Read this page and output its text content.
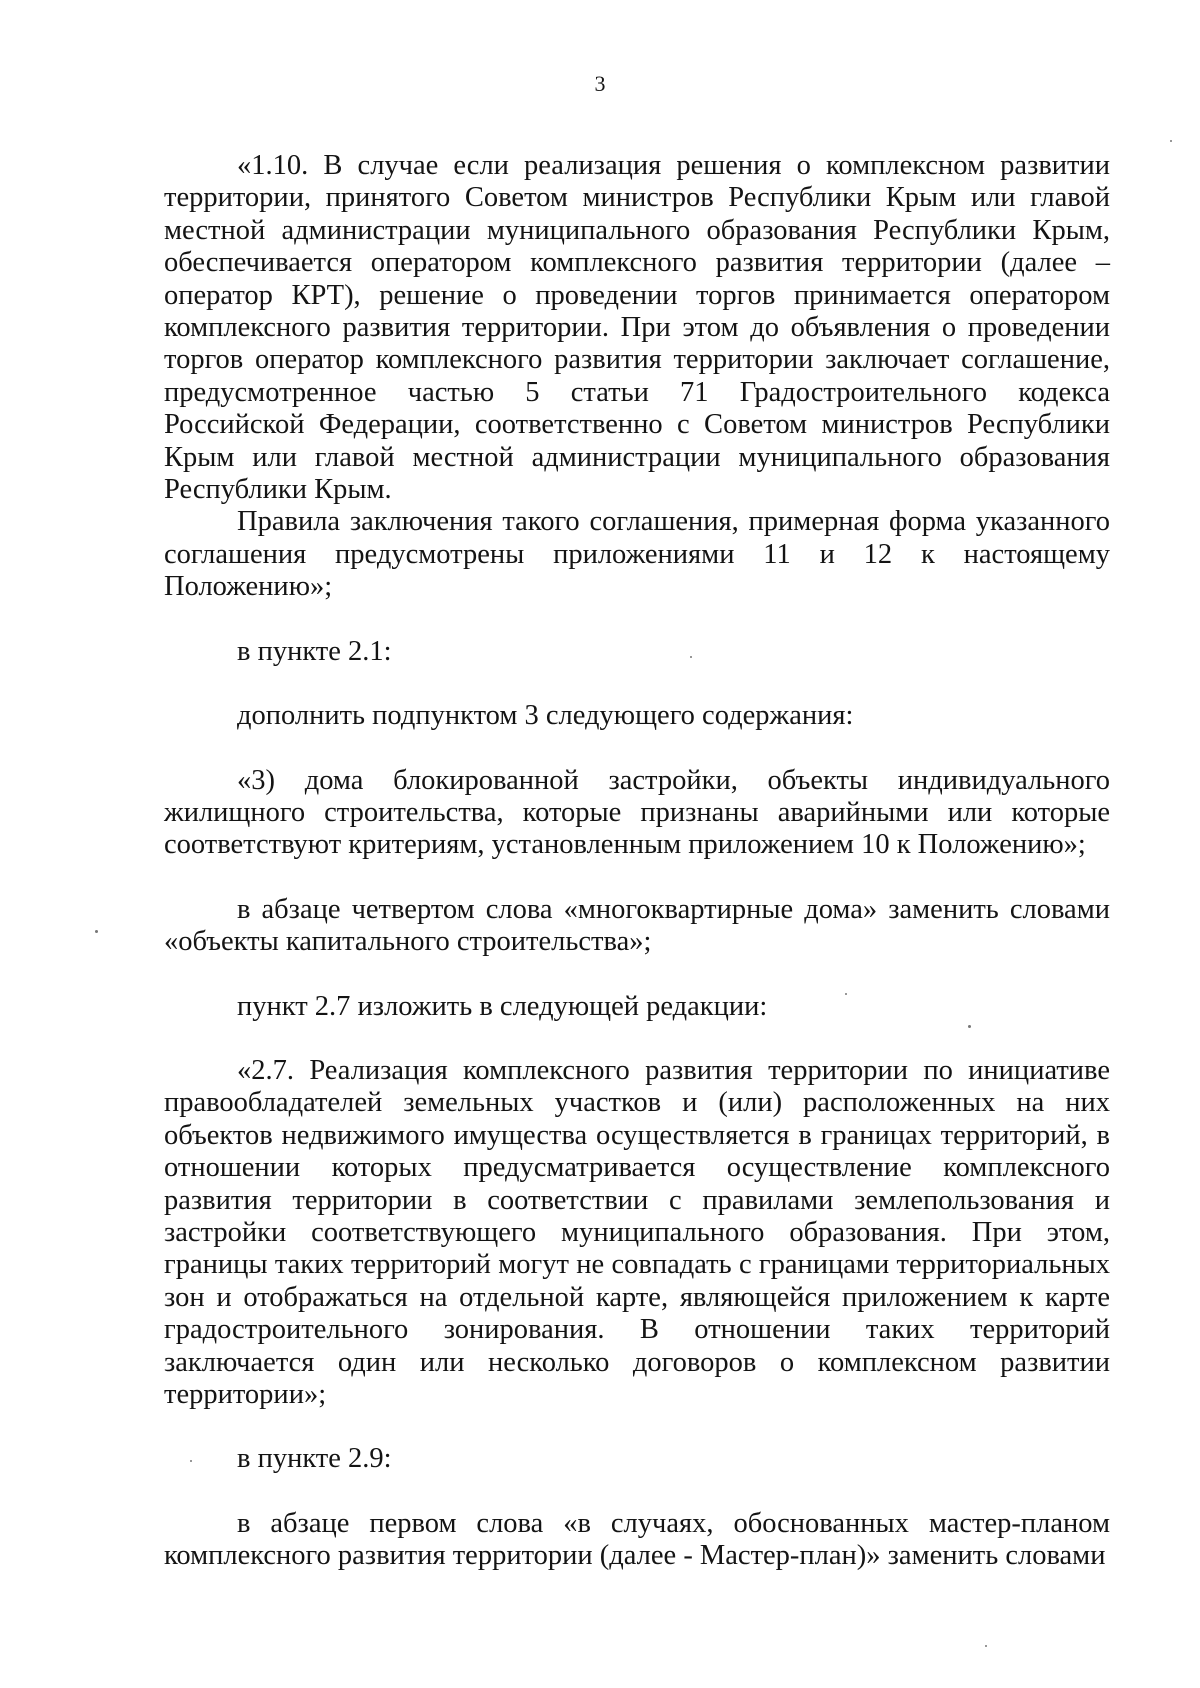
3

«1.10. В случае если реализация решения о комплексном развитии территории, принятого Советом министров Республики Крым или главой местной администрации муниципального образования Республики Крым, обеспечивается оператором комплексного развития территории (далее – оператор КРТ), решение о проведении торгов принимается оператором комплексного развития территории. При этом до объявления о проведении торгов оператор комплексного развития территории заключает соглашение, предусмотренное частью 5 статьи 71 Градостроительного кодекса Российской Федерации, соответственно с Советом министров Республики Крым или главой местной администрации муниципального образования Республики Крым.

Правила заключения такого соглашения, примерная форма указанного соглашения предусмотрены приложениями 11 и 12 к настоящему Положению»;

в пункте 2.1:

дополнить подпунктом 3 следующего содержания:

«3) дома блокированной застройки, объекты индивидуального жилищного строительства, которые признаны аварийными или которые соответствуют критериям, установленным приложением 10 к Положению»;

в абзаце четвертом слова «многоквартирные дома» заменить словами «объекты капитального строительства»;

пункт 2.7 изложить в следующей редакции:

«2.7. Реализация комплексного развития территории по инициативе правообладателей земельных участков и (или) расположенных на них объектов недвижимого имущества осуществляется в границах территорий, в отношении которых предусматривается осуществление комплексного развития территории в соответствии с правилами землепользования и застройки соответствующего муниципального образования. При этом, границы таких территорий могут не совпадать с границами территориальных зон и отображаться на отдельной карте, являющейся приложением к карте градостроительного зонирования. В отношении таких территорий заключается один или несколько договоров о комплексном развитии территории»;

в пункте 2.9:

в абзаце первом слова «в случаях, обоснованных мастер-планом комплексного развития территории (далее - Мастер-план)» заменить словами
